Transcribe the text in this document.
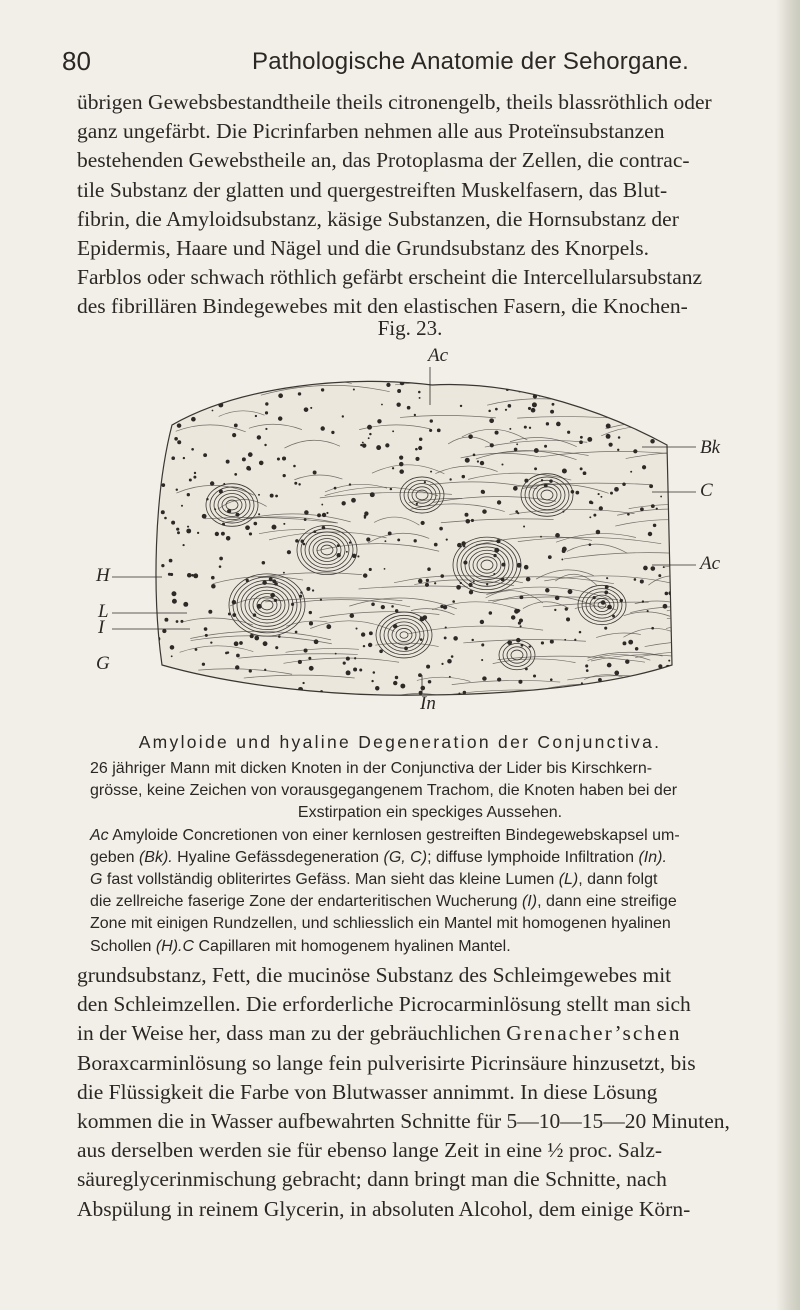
80	Pathologische Anatomie der Sehorgane.

übrigen Gewebsbestandtheile theils citronengelb, theils blassröthlich oder

ganz ungefärbt. Die Picrinfarben nehmen alle aus Proteïnsubstanzen

bestehenden Gewebstheile an, das Protoplasma der Zellen, die contrac-

tile Substanz der glatten und quergestreiften Muskelfasern, das Blut-

fibrin, die Amyloidsubstanz, käsige Substanzen, die Hornsubstanz der

Epidermis, Haare und Nägel und die Grundsubstanz des Knorpels.

Farblos oder schwach röthlich gefärbt erscheint die Intercellularsubstanz

des fibrillären Bindegewebes mit den elastischen Fasern, die Knochen-

Fig. 23.
Ac
Bk
C
Ac
H
L
I
G
In
Amyloide und hyaline Degeneration der Conjunctiva.

26 jähriger Mann mit dicken Knoten in der Conjunctiva der Lider bis Kirschkern-

grösse, keine Zeichen von vorausgegangenem Trachom, die Knoten haben bei der

Exstirpation ein speckiges Aussehen.

Ac Amyloide Concretionen von einer kernlosen gestreiften Bindegewebskapsel um-

geben (Bk). Hyaline Gefässdegeneration (G, C); diffuse lymphoide Infiltration (In).

G fast vollständig obliterirtes Gefäss. Man sieht das kleine Lumen (L), dann folgt

die zellreiche faserige Zone der endarteritischen Wucherung (I), dann eine streifige

Zone mit einigen Rundzellen, und schliesslich ein Mantel mit homogenen hyalinen

Schollen (H).C Capillaren mit homogenem hyalinen Mantel.

grundsubstanz, Fett, die mucinöse Substanz des Schleimgewebes mit

den Schleimzellen. Die erforderliche Picrocarminlösung stellt man sich

in der Weise her, dass man zu der gebräuchlichen Grenacher’schen

Boraxcarminlösung so lange fein pulverisirte Picrinsäure hinzusetzt, bis

die Flüssigkeit die Farbe von Blutwasser annimmt. In diese Lösung

kommen die in Wasser aufbewahrten Schnitte für 5—10—15—20 Minuten,

aus derselben werden sie für ebenso lange Zeit in eine ½ proc. Salz-

säureglycerinmischung gebracht; dann bringt man die Schnitte, nach

Abspülung in reinem Glycerin, in absoluten Alcohol, dem einige Körn-
